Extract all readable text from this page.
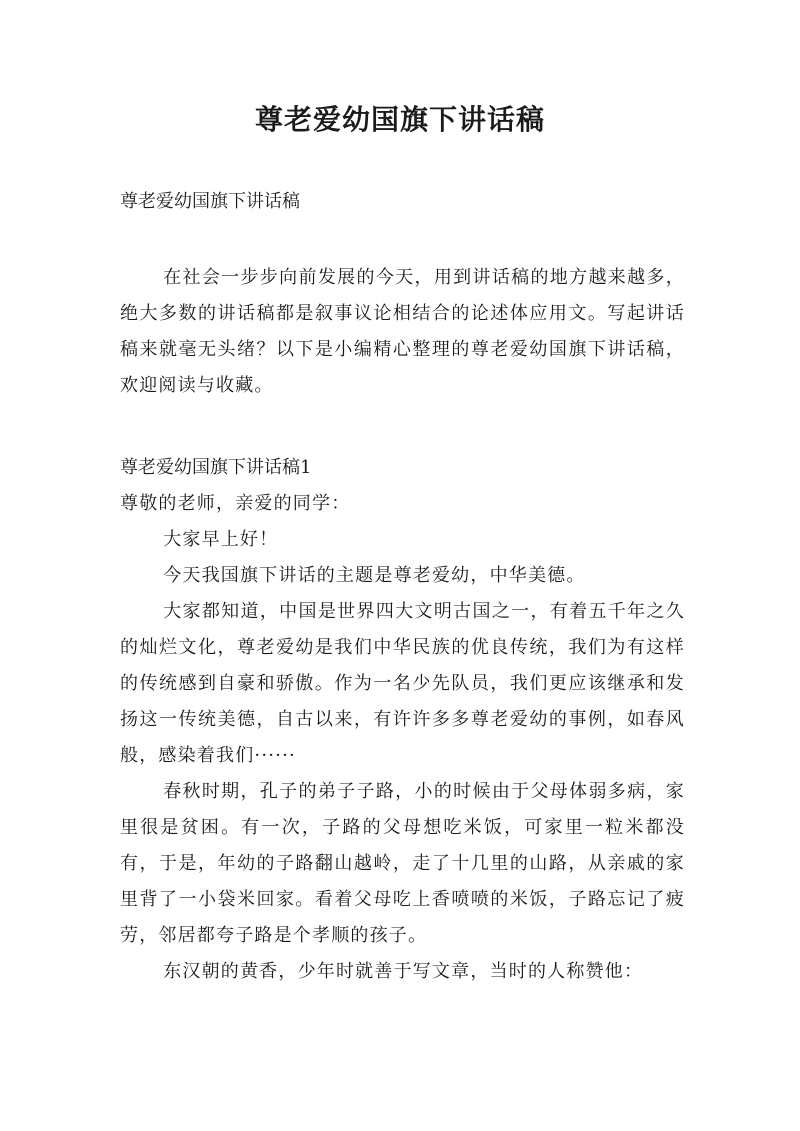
尊老爱幼国旗下讲话稿
尊老爱幼国旗下讲话稿

在社会一步步向前发展的今天，用到讲话稿的地方越来越多，绝大多数的讲话稿都是叙事议论相结合的论述体应用文。写起讲话稿来就毫无头绪？以下是小编精心整理的尊老爱幼国旗下讲话稿，欢迎阅读与收藏。

尊老爱幼国旗下讲话稿1

尊敬的老师，亲爱的同学：

大家早上好！

今天我国旗下讲话的主题是尊老爱幼，中华美德。

大家都知道，中国是世界四大文明古国之一，有着五千年之久的灿烂文化，尊老爱幼是我们中华民族的优良传统，我们为有这样的传统感到自豪和骄傲。作为一名少先队员，我们更应该继承和发扬这一传统美德，自古以来，有许许多多尊老爱幼的事例，如春风般，感染着我们······

春秋时期，孔子的弟子子路，小的时候由于父母体弱多病，家里很是贫困。有一次，子路的父母想吃米饭，可家里一粒米都没有，于是，年幼的子路翻山越岭，走了十几里的山路，从亲戚的家里背了一小袋米回家。看着父母吃上香喷喷的米饭，子路忘记了疲劳，邻居都夸子路是个孝顺的孩子。

东汉朝的黄香，少年时就善于写文章，当时的人称赞他：
